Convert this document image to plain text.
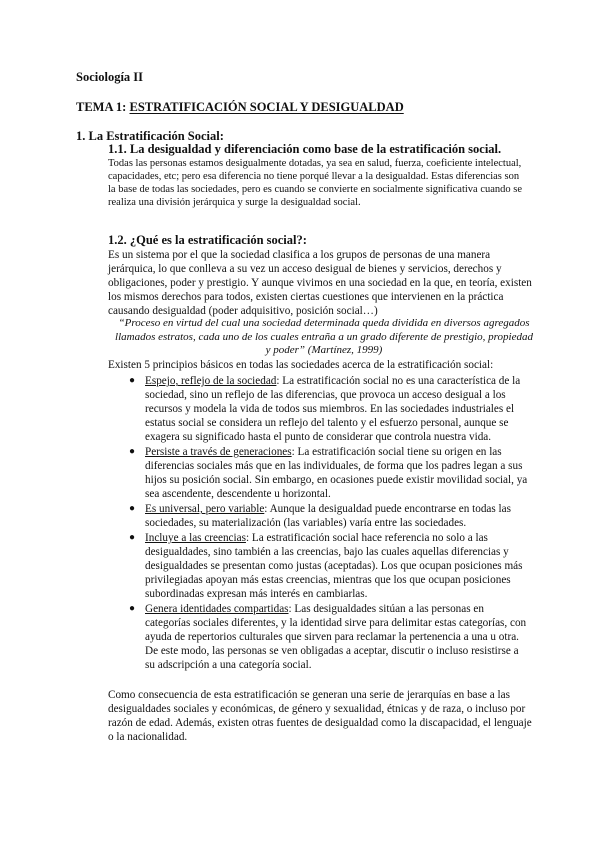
Sociología II
TEMA 1: ESTRATIFICACIÓN SOCIAL Y DESIGUALDAD
1. La Estratificación Social:
1.1. La desigualdad y diferenciación como base de la estratificación social.
Todas las personas estamos desigualmente dotadas, ya sea en salud, fuerza, coeficiente intelectual, capacidades, etc; pero esa diferencia no tiene porqué llevar a la desigualdad. Estas diferencias son la base de todas las sociedades, pero es cuando se convierte en socialmente significativa cuando se realiza una división jerárquica y surge la desigualdad social.
1.2. ¿Qué es la estratificación social?:
Es un sistema por el que la sociedad clasifica a los grupos de personas de una manera jerárquica, lo que conlleva a su vez un acceso desigual de bienes y servicios, derechos y obligaciones, poder y prestigio. Y aunque vivimos en una sociedad en la que, en teoría, existen los mismos derechos para todos, existen ciertas cuestiones que intervienen en la práctica causando desigualdad (poder adquisitivo, posición social…)
“Proceso en virtud del cual una sociedad determinada queda dividida en diversos agregados llamados estratos, cada uno de los cuales entraña a un grado diferente de prestigio, propiedad y poder” (Martínez, 1999)
Existen 5 principios básicos en todas las sociedades acerca de la estratificación social:
● Espejo, reflejo de la sociedad: La estratificación social no es una característica de la sociedad, sino un reflejo de las diferencias, que provoca un acceso desigual a los recursos y modela la vida de todos sus miembros. En las sociedades industriales el estatus social se considera un reflejo del talento y el esfuerzo personal, aunque se exagera su significado hasta el punto de considerar que controla nuestra vida.
● Persiste a través de generaciones: La estratificación social tiene su origen en las diferencias sociales más que en las individuales, de forma que los padres legan a sus hijos su posición social. Sin embargo, en ocasiones puede existir movilidad social, ya sea ascendente, descendente u horizontal.
● Es universal, pero variable: Aunque la desigualdad puede encontrarse en todas las sociedades, su materialización (las variables) varía entre las sociedades.
● Incluye a las creencias: La estratificación social hace referencia no solo a las desigualdades, sino también a las creencias, bajo las cuales aquellas diferencias y desigualdades se presentan como justas (aceptadas). Los que ocupan posiciones más privilegiadas apoyan más estas creencias, mientras que los que ocupan posiciones subordinadas expresan más interés en cambiarlas.
● Genera identidades compartidas: Las desigualdades sitúan a las personas en categorías sociales diferentes, y la identidad sirve para delimitar estas categorías, con ayuda de repertorios culturales que sirven para reclamar la pertenencia a una u otra. De este modo, las personas se ven obligadas a aceptar, discutir o incluso resistirse a su adscripción a una categoría social.
Como consecuencia de esta estratificación se generan una serie de jerarquías en base a las desigualdades sociales y económicas, de género y sexualidad, étnicas y de raza, o incluso por razón de edad. Además, existen otras fuentes de desigualdad como la discapacidad, el lenguaje o la nacionalidad.
